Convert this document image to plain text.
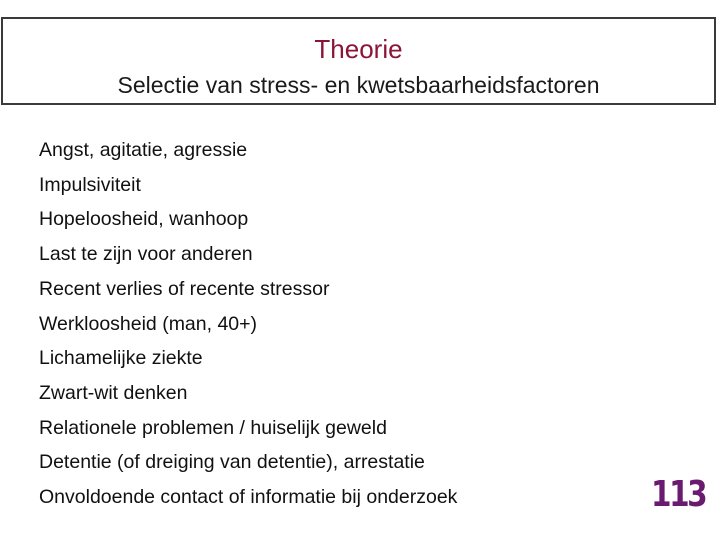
Theorie
Selectie van stress- en kwetsbaarheidsfactoren
Angst, agitatie, agressie
Impulsiviteit
Hopeloosheid, wanhoop
Last te zijn voor anderen
Recent verlies of recente stressor
Werkloosheid (man, 40+)
Lichamelijke ziekte
Zwart-wit denken
Relationele problemen / huiselijk geweld
Detentie (of dreiging van detentie), arrestatie
Onvoldoende contact of informatie bij onderzoek	113
